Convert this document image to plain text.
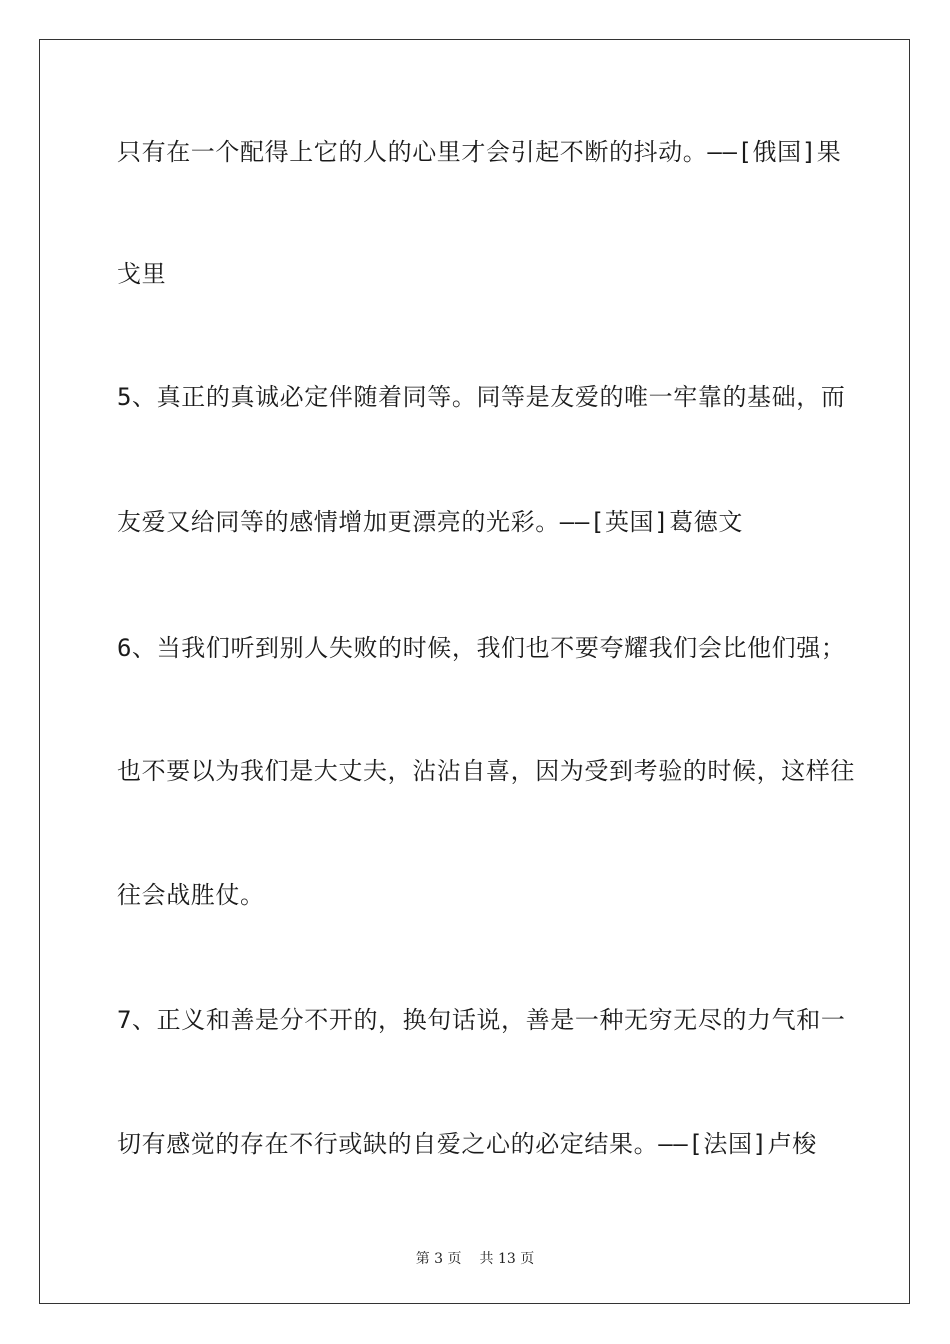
只有在一个配得上它的人的心里才会引起不断的抖动。——[俄国]果
戈里
5、真正的真诚必定伴随着同等。同等是友爱的唯一牢靠的基础，而
友爱又给同等的感情增加更漂亮的光彩。——[英国]葛德文
6、当我们听到别人失败的时候，我们也不要夸耀我们会比他们强；
也不要以为我们是大丈夫，沾沾自喜，因为受到考验的时候，这样往
往会战胜仗。
7、正义和善是分不开的，换句话说，善是一种无穷无尽的力气和一
切有感觉的存在不行或缺的自爱之心的必定结果。——[法国]卢梭
第 3 页 共 13 页
